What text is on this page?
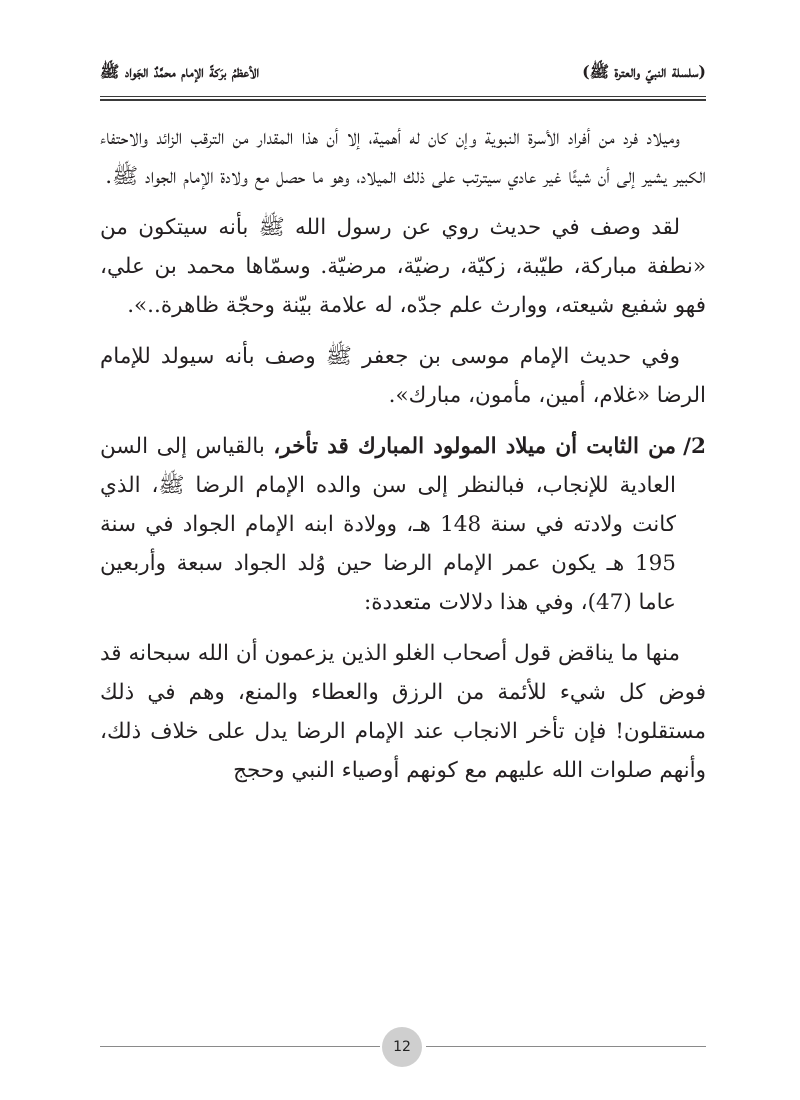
(سلسلة النبيّ والعترة ﷺ)
الأعظمُ برَكةً الإمام محمَّدٌ الجَواد ﷺ

وميلاد فرد من أفراد الأسرة النبوية وإن كان له أهمية، إلا أن هذا المقدار من الترقب الزائد والاحتفاء الكبير يشير إلى أن شيئًا غير عادي سيترتب على ذلك الميلاد، وهو ما حصل مع ولادة الإمام الجواد ﷺ.

لقد وصف في حديث روي عن رسول الله ﷺ بأنه سيتكون من «نطفة مباركة، طيّبة، زكيّة، رضيّة، مرضيّة. وسمّاها محمد بن علي، فهو شفيع شيعته، ووارث علم جدّه، له علامة بيّنة وحجّة ظاهرة..».

وفي حديث الإمام موسى بن جعفر ﷺ وصف بأنه سيولد للإمام الرضا «غلام، أمين، مأمون، مبارك».

2/
من الثابت أن ميلاد المولود المبارك قد تأخر، بالقياس إلى السن العادية للإنجاب، فبالنظر إلى سن والده الإمام الرضا ﷺ، الذي كانت ولادته في سنة 148 هـ، وولادة ابنه الإمام الجواد في سنة 195 هـ يكون عمر الإمام الرضا حين وُلد الجواد سبعة وأربعين عاما (47)، وفي هذا دلالات متعددة:

منها ما يناقض قول أصحاب الغلو الذين يزعمون أن الله سبحانه قد فوض كل شيء للأئمة من الرزق والعطاء والمنع، وهم في ذلك مستقلون! فإن تأخر الانجاب عند الإمام الرضا يدل على خلاف ذلك، وأنهم صلوات الله عليهم مع كونهم أوصياء النبي وحجج

12
